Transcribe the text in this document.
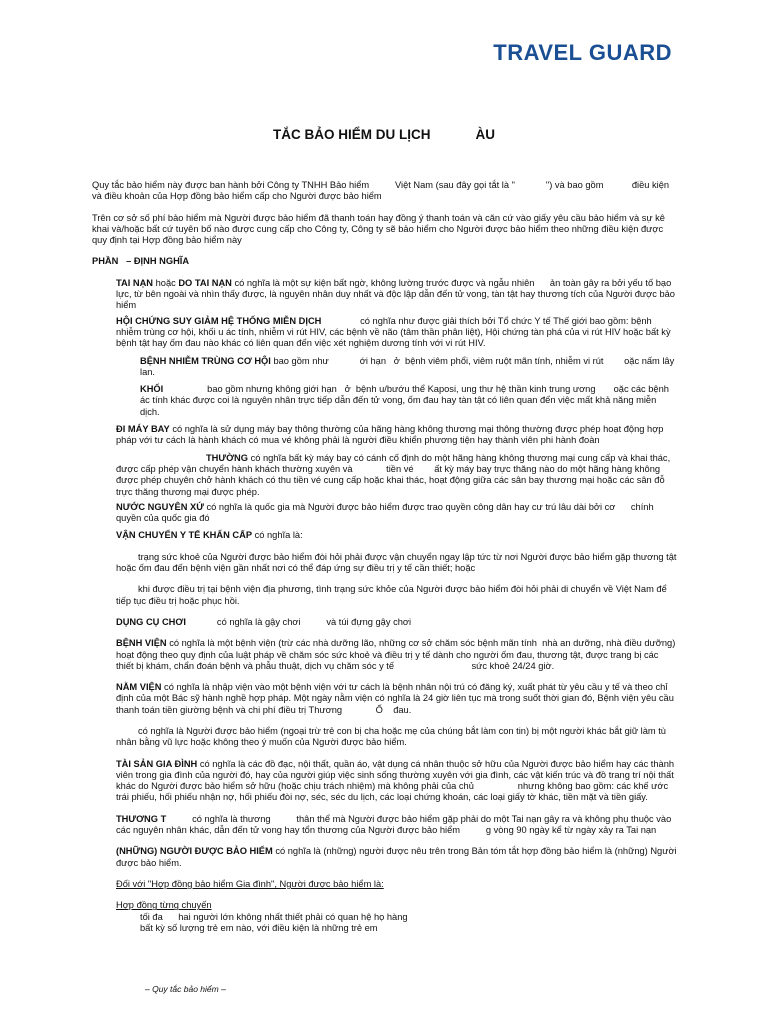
TRAVEL GUARD
TẮC BẢO HIỂM DU LỊCH            ÀU

Quy tắc bảo hiểm này được ban hành bởi Công ty TNHH Bảo hiểm          Việt Nam (sau đây gọi tắt là "            ") và bao gồm           điều kiện và điều khoản của Hợp đồng bảo hiểm cấp cho Người được bảo hiểm

Trên cơ sở số phí bảo hiểm mà Người được bảo hiểm đã thanh toán hay đồng ý thanh toán và căn cứ vào giấy yêu cầu bảo hiểm và sự kê khai và/hoặc bất cứ tuyên bố nào được cung cấp cho Công ty, Công ty sẽ bảo hiểm cho Người được bảo hiểm theo những điều kiện được quy định tại Hợp đồng bảo hiểm này

PHẦN   – ĐỊNH NGHĨA

TAI NẠN hoặc DO TAI NẠN có nghĩa là một sự kiện bất ngờ, không lường trước được và ngẫu nhiên      ản toàn gây ra bởi yếu tố bạo lực, từ bên ngoài và nhìn thấy được, là nguyên nhân duy nhất và độc lập dẫn đến tử vong, tàn tật hay thương tích của Người được bảo hiểm

HỘI CHỨNG SUY GIẢM HỆ THỐNG MIỄN DỊCH               có nghĩa như được giải thích bởi Tổ chức Y tế Thế giới bao gồm: bệnh nhiễm trùng cơ hội, khối u ác tính, nhiễm vi rút HIV, các bệnh về não (tâm thần phân liệt), Hội chứng tàn phá của vi rút HIV hoặc bất kỳ bệnh tật hay ốm đau nào khác có liên quan đến việc xét nghiệm dương tính với vi rút HIV.

BỆNH NHIỄM TRÙNG CƠ HỘI bao gồm như            ới hạn   ở  bệnh viêm phổi, viêm ruột mãn tính, nhiễm vi rút        oặc nấm lây lan.

KHỐI                 bao gồm nhưng không giới hạn   ở  bệnh u/bướu thể Kaposi, ung thư hệ thần kinh trung ương       oặc các bệnh ác tính khác được coi là nguyên nhân trực tiếp dẫn đến tử vong, ốm đau hay tàn tật có liên quan đến việc mất khả năng miễn dịch.

ĐI MÁY BAY có nghĩa là sử dụng máy bay thông thường của hãng hàng không thương mại thông thường được phép hoạt động hợp pháp với tư cách là hành khách có mua vé không phải là người điều khiển phương tiện hay thành viên phi hành đoàn

THƯỜNG có nghĩa bất kỳ máy bay có cánh cố định do một hãng hàng không thương mại cung cấp và khai thác, được cấp phép vận chuyển hành khách thường xuyên và             tiền vé        ất kỳ máy bay trực thăng nào do một hãng hàng không được phép chuyên chở hành khách có thu tiền vé cung cấp hoặc khai thác, hoạt động giữa các sân bay thương mại hoặc các sân đỗ trực thăng thương mại được phép.

NƯỚC NGUYÊN XỨ có nghĩa là quốc gia mà Người được bảo hiểm được trao quyền công dân hay cư trú lâu dài bởi cơ      chính quyền của quốc gia đó

VẬN CHUYỂN Y TẾ KHẨN CẤP có nghĩa là:

trạng sức khoẻ của Người được bảo hiểm đòi hỏi phải được vận chuyển ngay lập tức từ nơi Người được bảo hiểm gặp thương tật hoặc ốm đau đến bệnh viện gần nhất nơi có thể đáp ứng sự điều trị y tế cần thiết; hoặc

khi được điều trị tại bệnh viện địa phương, tình trạng sức khỏe của Người được bảo hiểm đòi hỏi phải di chuyển về Việt Nam để tiếp tục điều trị hoặc phục hồi.

DỤNG CỤ CHƠI            có nghĩa là gậy chơi          và túi đựng gậy chơi

BỆNH VIỆN có nghĩa là một bệnh viện (trừ các nhà dưỡng lão, những cơ sở chăm sóc bệnh mãn tính  nhà an dưỡng, nhà điều dưỡng) hoạt động theo quy định của luật pháp về chăm sóc sức khoẻ và điều trị y tế dành cho người ốm đau, thương tật, được trang bị các thiết bị khám, chẩn đoán bệnh và phẫu thuật, dịch vụ chăm sóc y tế                              sức khoẻ 24/24 giờ.

NẰM VIỆN có nghĩa là nhập viện vào một bệnh viện với tư cách là bệnh nhân nội trú có đăng ký, xuất phát từ yêu cầu y tế và theo chỉ định của một Bác sỹ hành nghề hợp pháp. Một ngày nằm viện có nghĩa là 24 giờ liên tục mà trong suốt thời gian đó, Bệnh viện yêu cầu thanh toán tiền giường bệnh và chi phí điều trị Thương             Ố    đau.

có nghĩa là Người được bảo hiểm (ngoại trừ trẻ con bị cha hoặc mẹ của chúng bắt làm con tin) bị một người khác bắt giữ làm tù nhân bằng vũ lực hoặc không theo ý muốn của Người được bảo hiểm.

TÀI SẢN GIA ĐÌNH có nghĩa là các đồ đạc, nội thất, quần áo, vật dụng cá nhân thuộc sở hữu của Người được bảo hiểm hay các thành viên trong gia đình của người đó, hay của người giúp việc sinh sống thường xuyên với gia đình, các vật kiến trúc và đồ trang trí nội thất khác do Người được bảo hiểm sở hữu (hoặc chịu trách nhiệm) mà không phải của chủ                 nhưng không bao gồm: các khế ước  trái phiếu, hối phiếu nhận nợ, hối phiếu đòi nợ, séc, séc du lịch, các loại chứng khoán, các loại giấy tờ khác, tiền mặt và tiền giấy.

THƯƠNG T          có nghĩa là thương          thân thể mà Người được bảo hiểm gặp phải do một Tai nạn gây ra và không phụ thuộc vào các nguyên nhân khác, dẫn đến tử vong hay tổn thương của Người được bảo hiểm          g vòng 90 ngày kể từ ngày xảy ra Tai nạn

(NHỮNG) NGƯỜI ĐƯỢC BẢO HIỂM có nghĩa là (những) người được nêu trên trong Bản tóm tắt hợp đồng bảo hiểm là (những) Người được bảo hiểm.

Đối với "Hợp đồng bảo hiểm Gia đình", Người được bảo hiểm là:

Hợp đồng từng chuyến

tối đa      hai người lớn không nhất thiết phải có quan hệ họ hàng

bất kỳ số lượng trẻ em nào, với điều kiện là những trẻ em

– Quy tắc bảo hiểm –
